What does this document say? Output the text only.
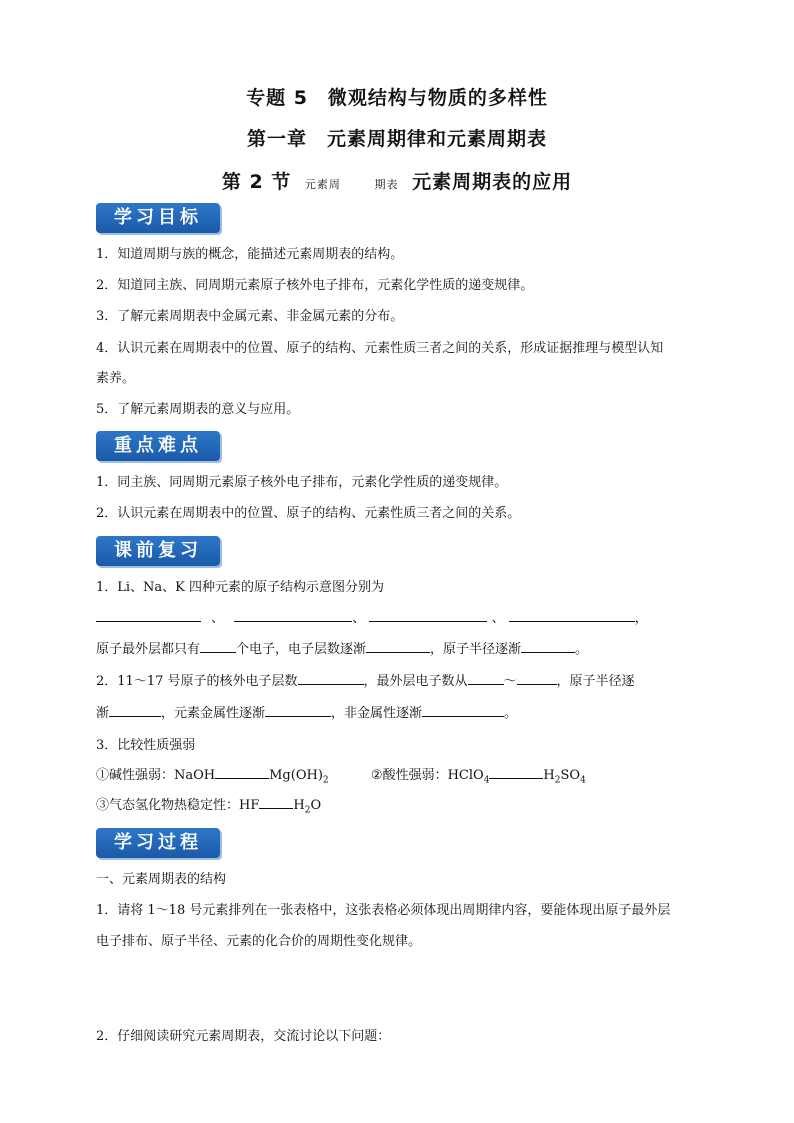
专题 5　微观结构与物质的多样性
第一章　元素周期律和元素周期表
第 2 节 元素周	期表 元素周期表的应用
学习目标
1．知道周期与族的概念，能描述元素周期表的结构。
2．知道同主族、同周期元素原子核外电子排布，元素化学性质的递变规律。
3．了解元素周期表中金属元素、非金属元素的分布。
4．认识元素在周期表中的位置、原子的结构、元素性质三者之间的关系，形成证据推理与模型认知
素养。
5．了解元素周期表的意义与应用。
重点难点
1．同主族、同周期元素原子核外电子排布，元素化学性质的递变规律。
2．认识元素在周期表中的位置、原子的结构、元素性质三者之间的关系。
课前复习
1．Li、Na、K 四种元素的原子结构示意图分别为
、	、	、	，
原子最外层都只有	个电子，电子层数逐渐	，原子半径逐渐	。
2．11～17 号原子的核外电子层数	，最外层电子数从	～	，原子半径逐
渐	，元素金属性逐渐	，非金属性逐渐	。
3．比较性质强弱
①碱性强弱：NaOH	$Mg(OH)_2$	②酸性强弱：HClO$_4$	$H_2SO_4$
③气态氢化物热稳定性：HF	$H_2O$
学习过程
一、元素周期表的结构
1．请将 1～18 号元素排列在一张表格中，这张表格必须体现出周期律内容，要能体现出原子最外层
电子排布、原子半径、元素的化合价的周期性变化规律。
2．仔细阅读研究元素周期表，交流讨论以下问题：
